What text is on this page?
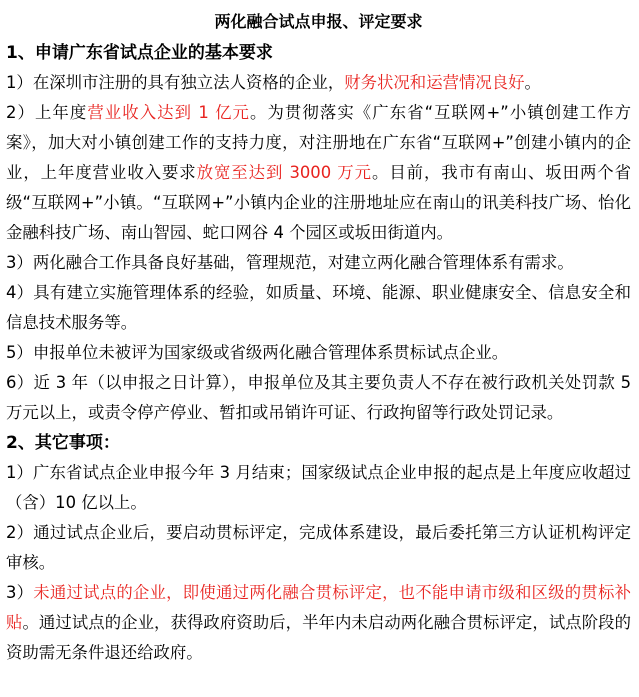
两化融合试点申报、评定要求
1、申请广东省试点企业的基本要求

1）在深圳市注册的具有独立法人资格的企业，财务状况和运营情况良好。

2）上年度营业收入达到 1 亿元。为贯彻落实《广东省“互联网+”小镇创建工作方案》，加大对小镇创建工作的支持力度，对注册地在广东省“互联网+”创建小镇内的企业，上年度营业收入要求放宽至达到 3000 万元。目前，我市有南山、坂田两个省级“互联网+”小镇。“互联网+”小镇内企业的注册地址应在南山的讯美科技广场、怡化金融科技广场、南山智园、蛇口网谷 4 个园区或坂田街道内。

3）两化融合工作具备良好基础，管理规范，对建立两化融合管理体系有需求。

4）具有建立实施管理体系的经验，如质量、环境、能源、职业健康安全、信息安全和信息技术服务等。

5）申报单位未被评为国家级或省级两化融合管理体系贯标试点企业。

6）近 3 年（以申报之日计算），申报单位及其主要负责人不存在被行政机关处罚款 5 万元以上，或责令停产停业、暂扣或吊销许可证、行政拘留等行政处罚记录。

2、其它事项：

1）广东省试点企业申报今年 3 月结束；国家级试点企业申报的起点是上年度应收超过（含）10 亿以上。

2）通过试点企业后，要启动贯标评定，完成体系建设，最后委托第三方认证机构评定审核。

3）未通过试点的企业，即使通过两化融合贯标评定，也不能申请市级和区级的贯标补贴。通过试点的企业，获得政府资助后，半年内未启动两化融合贯标评定，试点阶段的资助需无条件退还给政府。
